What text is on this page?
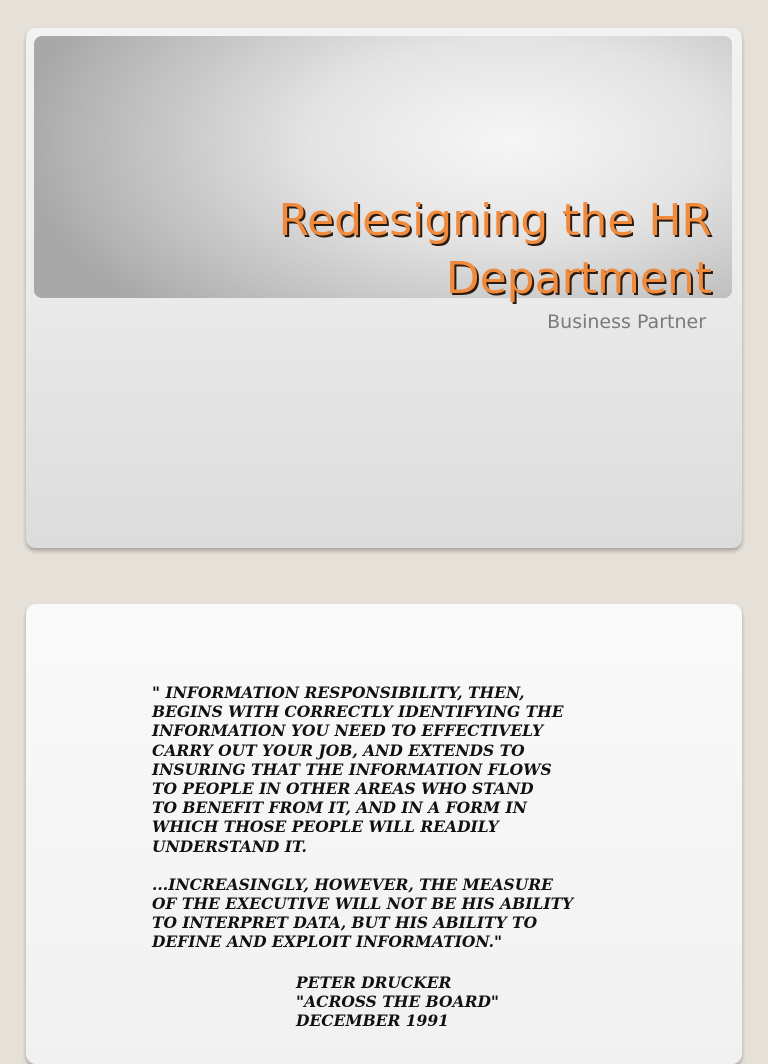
Redesigning the HR
Department
Business Partner
" INFORMATION RESPONSIBILITY, THEN,
BEGINS WITH CORRECTLY IDENTIFYING THE
INFORMATION YOU NEED TO EFFECTIVELY
CARRY OUT YOUR JOB, AND EXTENDS TO
INSURING THAT THE INFORMATION FLOWS
TO PEOPLE IN OTHER AREAS WHO STAND
TO BENEFIT FROM IT, AND IN A FORM IN
WHICH THOSE PEOPLE WILL READILY
UNDERSTAND IT.
...INCREASINGLY, HOWEVER, THE MEASURE
OF THE EXECUTIVE WILL NOT BE HIS ABILITY
TO INTERPRET DATA, BUT HIS ABILITY TO
DEFINE AND EXPLOIT INFORMATION."
PETER DRUCKER
"ACROSS THE BOARD"
DECEMBER 1991
